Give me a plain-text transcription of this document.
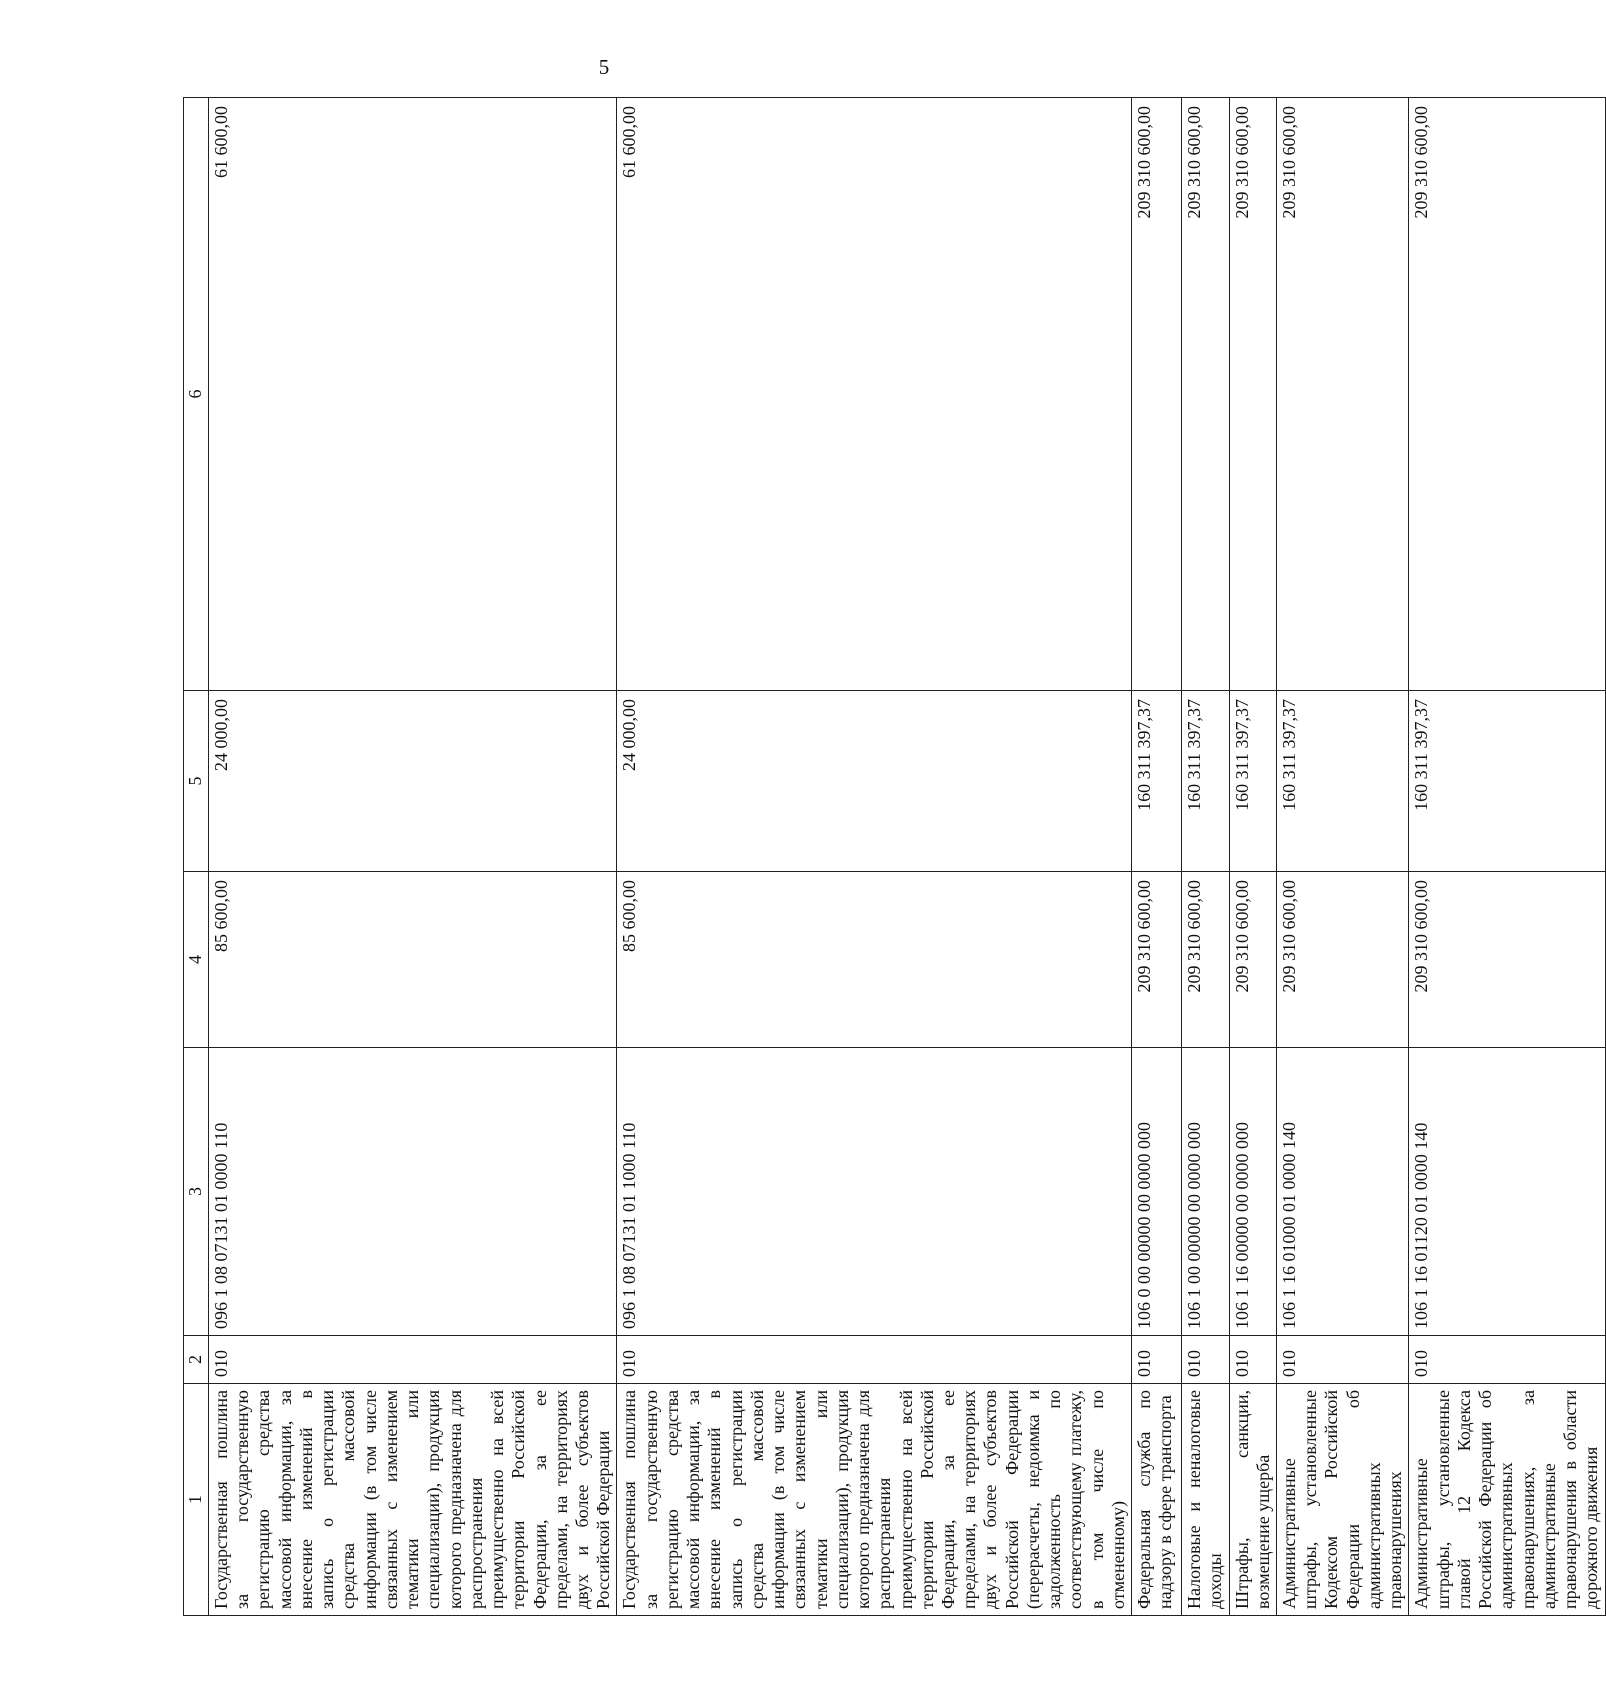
5
1	2	3	4	5	6
Государственная пошлина за государственную регистрацию средства массовой информации, за внесение изменений в запись о регистрации средства массовой информации (в том числе связанных с изменением тематики или специализации), продукция которого предназначена для распространения преимущественно на всей территории Российской Федерации, за ее пределами, на территориях двух и более субъектов Российской Федерации	010	096 1 08 07131 01 0000 110	85 600,00	24 000,00	61 600,00
Государственная пошлина за государственную регистрацию средства массовой информации, за внесение изменений в запись о регистрации средства массовой информации (в том числе связанных с изменением тематики или специализации), продукция которого предназначена для распространения преимущественно на всей территории Российской Федерации, за ее пределами, на территориях двух и более субъектов Российской Федерации (перерасчеты, недоимка и задолженность по соответствующему платежу, в том числе по отмененному)	010	096 1 08 07131 01 1000 110	85 600,00	24 000,00	61 600,00
Федеральная служба по надзору в сфере транспорта	010	106 0 00 00000 00 0000 000	209 310 600,00	160 311 397,37	209 310 600,00
Налоговые и неналоговые доходы	010	106 1 00 00000 00 0000 000	209 310 600,00	160 311 397,37	209 310 600,00
Штрафы, санкции, возмещение ущерба	010	106 1 16 00000 00 0000 000	209 310 600,00	160 311 397,37	209 310 600,00
Административные штрафы, установленные Кодексом Российской Федерации об административных правонарушениях	010	106 1 16 01000 01 0000 140	209 310 600,00	160 311 397,37	209 310 600,00
Административные штрафы, установленные главой 12 Кодекса Российской Федерации об административных правонарушениях, за административные правонарушения в области дорожного движения	010	106 1 16 01120 01 0000 140	209 310 600,00	160 311 397,37	209 310 600,00
